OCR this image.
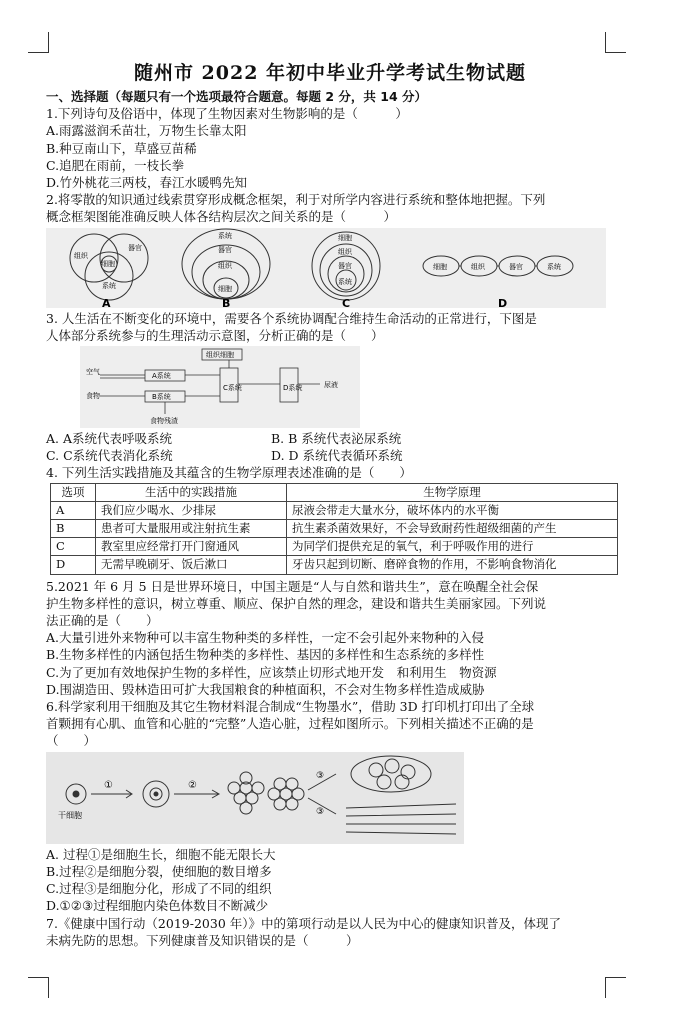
随州市 2022 年初中毕业升学考试生物试题
一、选择题（每题只有一个选项最符合题意。每题 2 分，共 14 分）
1.下列诗句及俗语中，体现了生物因素对生物影响的是（　　　）
A.雨露滋润禾苗壮，万物生长靠太阳
B.种豆南山下，草盛豆苗稀
C.追肥在雨前，一枝长拳
D.竹外桃花三两枝，春江水暖鸭先知
2.将零散的知识通过线索贯穿形成概念框架，利于对所学内容进行系统和整体地把握。下列
概念框架图能准确反映人体各结构层次之间关系的是（　　　）
组织
器官
细胞
系统
A
系统
器官
组织
细胞
B
细胞
组织
器官
系统
C
细胞	组织	器官	系统
D
3. 人生活在不断变化的环境中，需要各个系统协调配合维持生命活动的正常进行，下图是
人体部分系统参与的生理活动示意图，分析正确的是（　　）
组织细胞
空气
食物
A系统
B系统
C系统	D系统	尿液
食物残渣
A. A系统代表呼吸系统	B. B 系统代表泌尿系统
C. C系统代表消化系统	D. D 系统代表循环系统
4. 下列生活实践措施及其蕴含的生物学原理表述准确的是（　　）
选项	生活中的实践措施	生物学原理
A	我们应少喝水、少排尿	尿液会带走大量水分，破坏体内的水平衡
B	患者可大量服用或注射抗生素	抗生素杀菌效果好，不会导致耐药性超级细菌的产生
C	教室里应经常打开门窗通风	为同学们提供充足的氧气，利于呼吸作用的进行
D	无需早晚刷牙、饭后漱口	牙齿只起到切断、磨碎食物的作用，不影响食物消化
5.2021 年 6 月 5 日是世界环境日，中国主题是“人与自然和谐共生”，意在唤醒全社会保
护生物多样性的意识，树立尊重、顺应、保护自然的理念，建设和谐共生美丽家园。下列说
法正确的是（　　）
A.大量引进外来物种可以丰富生物种类的多样性，一定不会引起外来物种的入侵
B.生物多样性的内涵包括生物种类的多样性、基因的多样性和生态系统的多样性
C.为了更加有效地保护生物的多样性，应该禁止切形式地开发　和利用生　物资源
D.围湖造田、毁林造田可扩大我国粮食的种植面积，不会对生物多样性造成威胁
6.科学家利用干细胞及其它生物材料混合制成“生物墨水”，借助 3D 打印机打印出了全球
首颗拥有心肌、血管和心脏的“完整”人造心脏，过程如图所示。下列相关描述不正确的是
（　　）
③
③
①	②
干细胞
A. 过程①是细胞生长，细胞不能无限长大
B.过程②是细胞分裂，使细胞的数目增多
C.过程③是细胞分化，形成了不同的组织
D.①②③过程细胞内染色体数目不断减少
7.《健康中国行动（2019-2030 年）》中的第项行动是以人民为中心的健康知识普及，体现了
未病先防的思想。下列健康普及知识错误的是（　　　）
